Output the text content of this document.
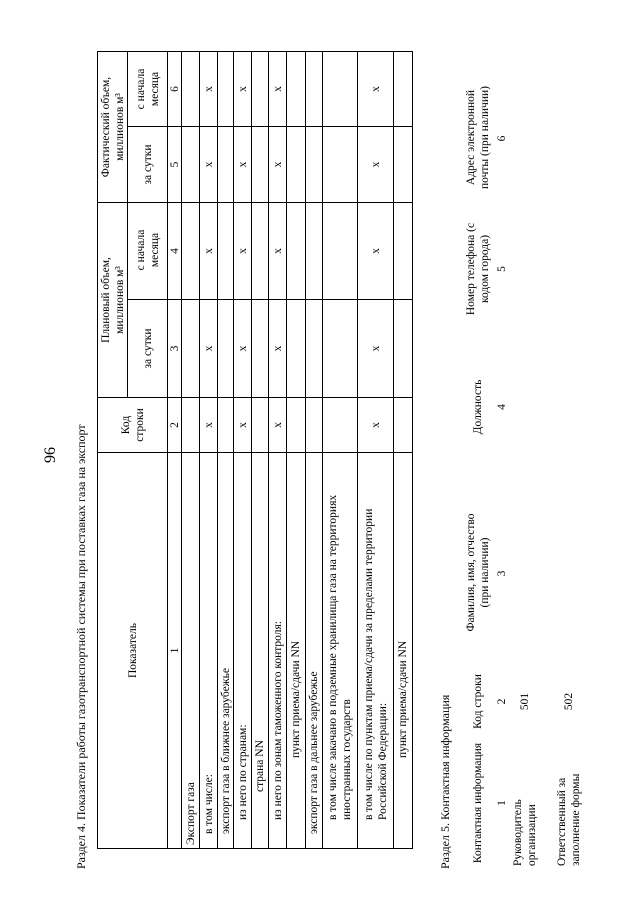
96 Раздел 4. Показатели работы газотранспортной системы при поставках газа на экспорт	Показатель
Код строки
Плановый объем, миллионов м³
Фактический объем, миллионов м³
за сутки
с начала месяца
за сутки
с начала месяца
1
2
3
4
5
6
Экспорт газа в том числе:
x
x
x
x
x
экспорт газа в ближнее зарубежье из него по странам:
x
x
x
x
x
страна NN из него по зонам таможенного контроля:
x
x
x
x
x
пункт приема/сдачи NN экспорт газа в дальнее зарубежье в том числе закачано в подземные хранилища газа на территориях иностранных государств в том числе по пунктам приема/сдачи за пределами территории Российской Федерации:
x
x
x
x
x
пункт приема/сдачи NN Раздел 5. Контактная информация	Контактная информация
Код строки
Фамилия, имя, отчество (при наличии)
Должность
Номер телефона (с кодом города)
Адрес электронной почты (при наличии)
1
2
3
4
5
6
Руководитель организации
501
Ответственный за заполнение формы
502
